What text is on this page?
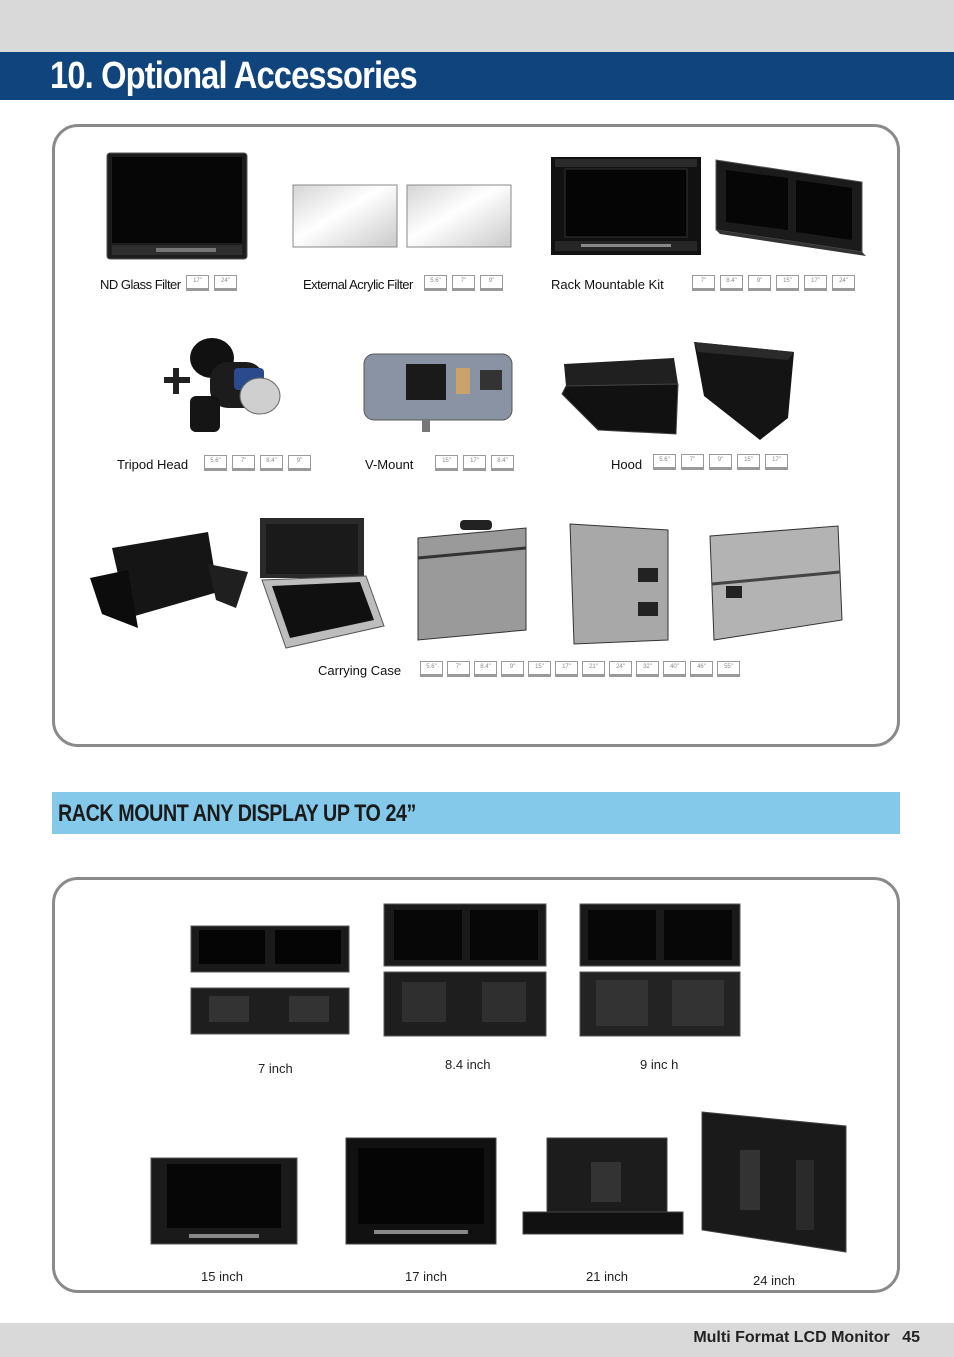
10. Optional Accessories
ND Glass Filter	17"	24"	External Acrylic Filter	5.6"	7"	9"	Rack Mountable Kit	7"	8.4"	9"	15"	17"	24"
Tripod Head	5.6"	7"	8.4"	9"	V-Mount	15"	17"	8.4"	Hood	5.6"	7"	9"	15"	17"
Carrying Case	5.6"	7"	8.4"	9"	15"	17"	21"	24"	32"	40"	46"	55"
RACK MOUNT ANY DISPLAY UP TO 24”
7 inch	8.4 inch	9 inc h
15 inch	17 inch	21 inch	24 inch
Multi Format LCD Monitor 45
